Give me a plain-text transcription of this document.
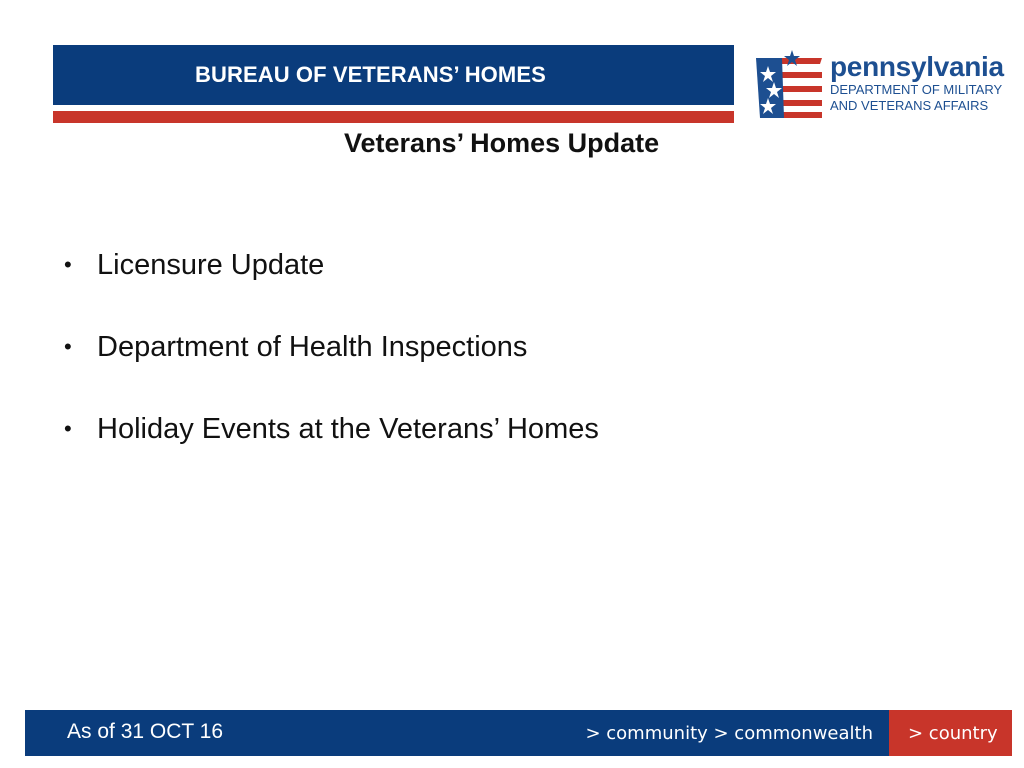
BUREAU OF VETERANS’ HOMES	pennsylvania
DEPARTMENT OF MILITARY
AND VETERANS AFFAIRS
Veterans’ Homes Update
• Licensure Update
• Department of Health Inspections
• Holiday Events at the Veterans’ Homes
As of 31 OCT 16	> community > commonwealth > country
